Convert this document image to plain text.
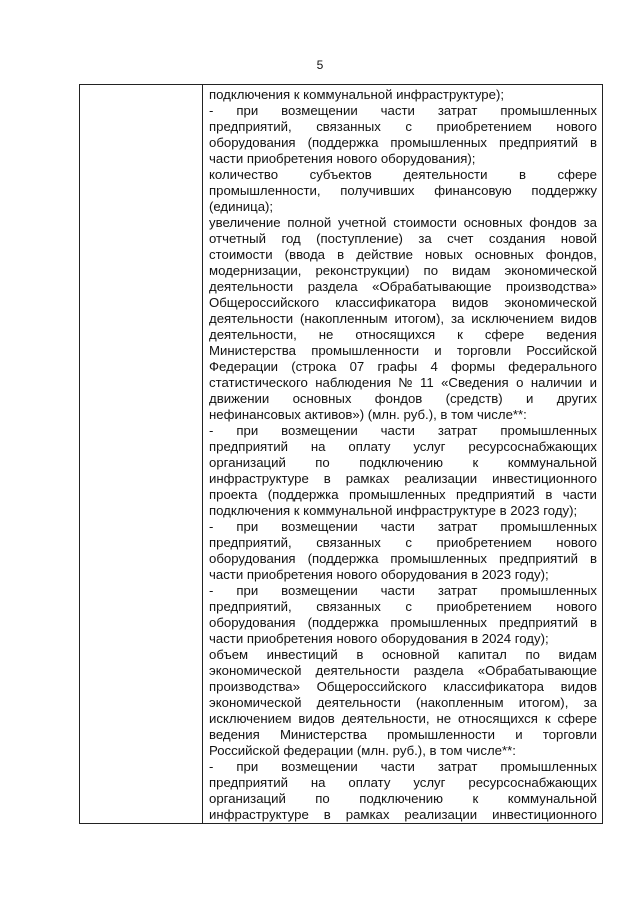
5
подключения к коммунальной инфраструктуре);
- при возмещении части затрат промышленных
предприятий, связанных с приобретением нового
оборудования (поддержка промышленных предприятий в
части приобретения нового оборудования);
количество субъектов деятельности в сфере
промышленности, получивших финансовую поддержку
(единица);
увеличение полной учетной стоимости основных фондов за
отчетный год (поступление) за счет создания новой
стоимости (ввода в действие новых основных фондов,
модернизации, реконструкции) по видам экономической
деятельности раздела «Обрабатывающие производства»
Общероссийского классификатора видов экономической
деятельности (накопленным итогом), за исключением видов
деятельности, не относящихся к сфере ведения
Министерства промышленности и торговли Российской
Федерации (строка 07 графы 4 формы федерального
статистического наблюдения № 11 «Сведения о наличии и
движении основных фондов (средств) и других
нефинансовых активов») (млн. руб.), в том числе**:
- при возмещении части затрат промышленных
предприятий на оплату услуг ресурсоснабжающих
организаций по подключению к коммунальной
инфраструктуре в рамках реализации инвестиционного
проекта (поддержка промышленных предприятий в части
подключения к коммунальной инфраструктуре в 2023 году);
- при возмещении части затрат промышленных
предприятий, связанных с приобретением нового
оборудования (поддержка промышленных предприятий в
части приобретения нового оборудования в 2023 году);
- при возмещении части затрат промышленных
предприятий, связанных с приобретением нового
оборудования (поддержка промышленных предприятий в
части приобретения нового оборудования в 2024 году);
объем инвестиций в основной капитал по видам
экономической деятельности раздела «Обрабатывающие
производства» Общероссийского классификатора видов
экономической деятельности (накопленным итогом), за
исключением видов деятельности, не относящихся к сфере
ведения Министерства промышленности и торговли
Российской федерации (млн. руб.), в том числе**:
- при возмещении части затрат промышленных
предприятий на оплату услуг ресурсоснабжающих
организаций по подключению к коммунальной
инфраструктуре в рамках реализации инвестиционного
